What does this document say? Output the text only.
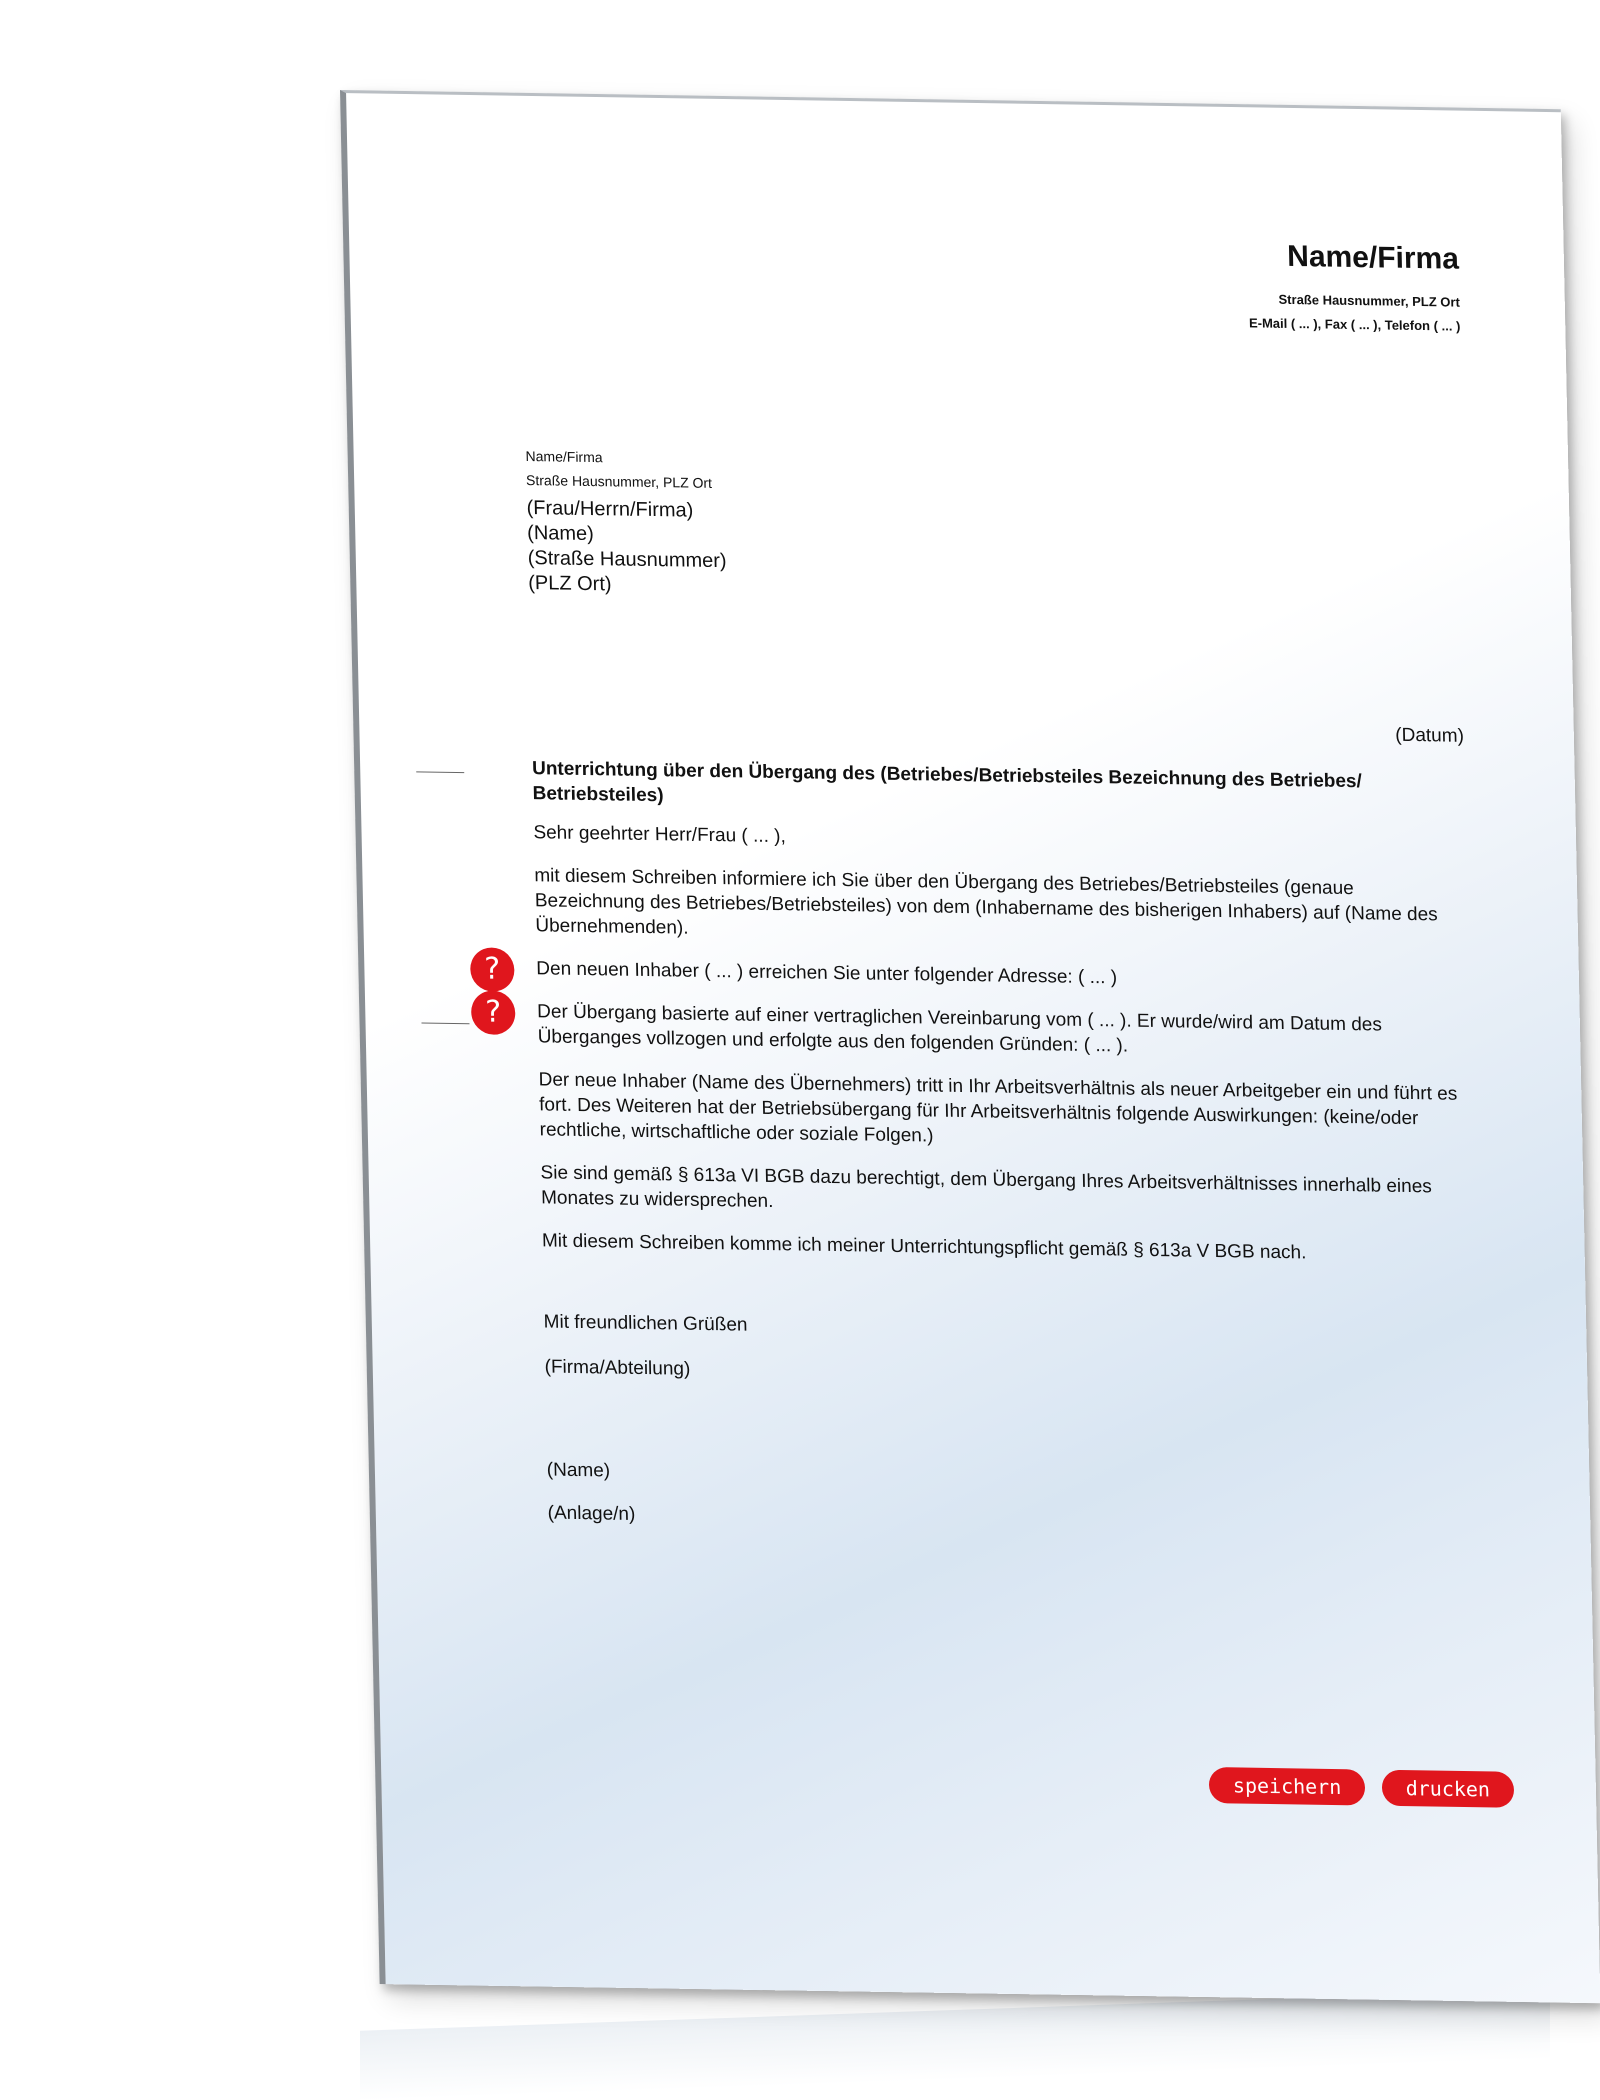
Name/Firma
Straße Hausnummer, PLZ Ort
E-Mail ( ... ), Fax ( ... ), Telefon ( ... )
Name/Firma
Straße Hausnummer, PLZ Ort
(Frau/Herrn/Firma)
(Name)
(Straße Hausnummer)
(PLZ Ort)
(Datum)

Unterrichtung über den Übergang des (Betriebes/Betriebsteiles Bezeichnung des Betriebes/ Betriebsteiles)

Sehr geehrter Herr/Frau ( ... ),

mit diesem Schreiben informiere ich Sie über den Übergang des Betriebes/Betriebsteiles (genaue Bezeichnung des Betriebes/Betriebsteiles) von dem (Inhabername des bisherigen Inhabers) auf (Name des Übernehmenden).

?	Den neuen Inhaber ( ... ) erreichen Sie unter folgender Adresse: ( ... )
?	Der Übergang basierte auf einer vertraglichen Vereinbarung vom ( ... ). Er wurde/wird am Datum des Überganges vollzogen und erfolgte aus den folgenden Gründen: ( ... ).

Der neue Inhaber (Name des Übernehmers) tritt in Ihr Arbeitsverhältnis als neuer Arbeitgeber ein und führt es fort. Des Weiteren hat der Betriebsübergang für Ihr Arbeitsverhältnis folgende Auswirkungen: (keine/oder rechtliche, wirtschaftliche oder soziale Folgen.)

Sie sind gemäß § 613a VI BGB dazu berechtigt, dem Übergang Ihres Arbeitsverhältnisses innerhalb eines Monates zu widersprechen.

Mit diesem Schreiben komme ich meiner Unterrichtungspflicht gemäß § 613a V BGB nach.

Mit freundlichen Grüßen

(Firma/Abteilung)

(Name)

(Anlage/n)

speichern	drucken
